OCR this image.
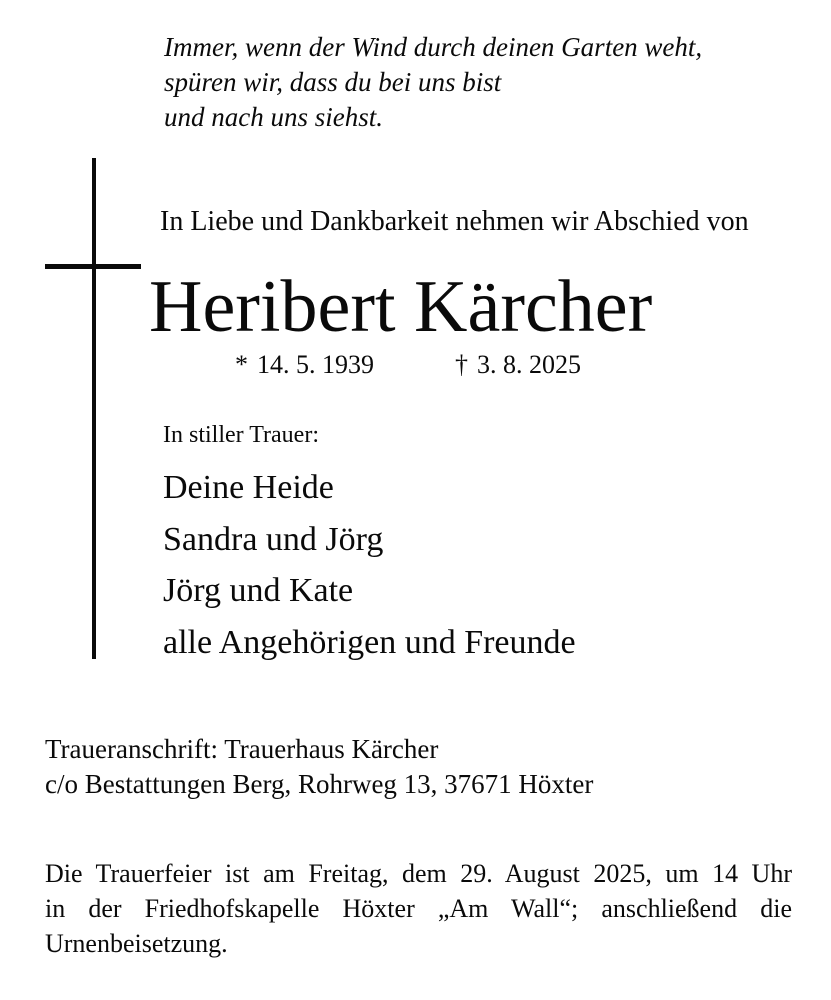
Immer, wenn der Wind durch deinen Garten weht,
spüren wir, dass du bei uns bist
und nach uns siehst.
In Liebe und Dankbarkeit nehmen wir Abschied von
Heribert Kärcher
* 14. 5. 1939	† 3. 8. 2025
In stiller Trauer:
Deine Heide
Sandra und Jörg
Jörg und Kate
alle Angehörigen und Freunde
Traueranschrift: Trauerhaus Kärcher
c/o Bestattungen Berg, Rohrweg 13, 37671 Höxter
Die Trauerfeier ist am Freitag, dem 29. August 2025, um 14 Uhr
in der Friedhofskapelle Höxter „Am Wall“; anschließend die
Urnenbeisetzung.
